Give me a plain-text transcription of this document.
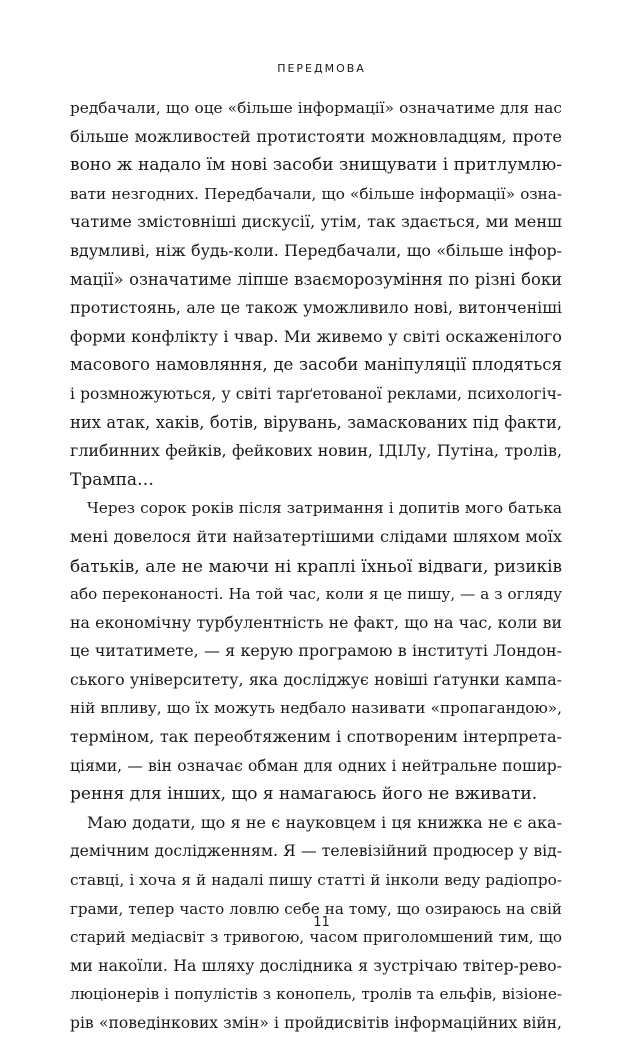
ПЕРЕДМОВА
редбачали, що оце «більше інформації» означатиме для нас
більше можливостей протистояти можновладцям, проте
воно ж надало їм нові засоби знищувати і притлумлю-
вати незгодних. Передбачали, що «більше інформації» озна-
чатиме змістовніші дискусії, утім, так здається, ми менш
вдумливі, ніж будь-коли. Передбачали, що «більше інфор-
мації» означатиме ліпше взаєморозуміння по різні боки
протистоянь, але це також уможливило нові, витонченіші
форми конфлікту і чвар. Ми живемо у світі оскаженілого
масового намовляння, де засоби маніпуляції плодяться
і розмножуються, у світі тарґетованої реклами, психологіч-
них атак, хаків, ботів, вірувань, замаскованих під факти,
глибинних фейків, фейкових новин, ІДІЛу, Путіна, тролів,
Трампа…
Через сорок років після затримання і допитів мого батька
мені довелося йти найзатертішими слідами шляхом моїх
батьків, але не маючи ні краплі їхньої відваги, ризиків
або переконаності. На той час, коли я це пишу, — а з огляду
на економічну турбулентність не факт, що на час, коли ви
це читатимете, — я керую програмою в інституті Лондон-
ського університету, яка досліджує новіші ґатунки кампа-
ній впливу, що їх можуть недбало називати «пропагандою»,
терміном, так переобтяженим і спотвореним інтерпрета-
ціями, — він означає обман для одних і нейтральне пошир-
рення для інших, що я намагаюсь його не вживати.
Маю додати, що я не є науковцем і ця книжка не є ака-
демічним дослідженням. Я — телевізійний продюсер у від-
ставці, і хоча я й надалі пишу статті й інколи веду радіопро-
грами, тепер часто ловлю себе на тому, що озираюсь на свій
старий медіасвіт з тривогою, часом приголомшений тим, що
ми накоїли. На шляху дослідника я зустрічаю твітер-рево-
люціонерів і популістів з конопель, тролів та ельфів, візіоне-
рів «поведінкових змін» і пройдисвітів інформаційних війн,
11
